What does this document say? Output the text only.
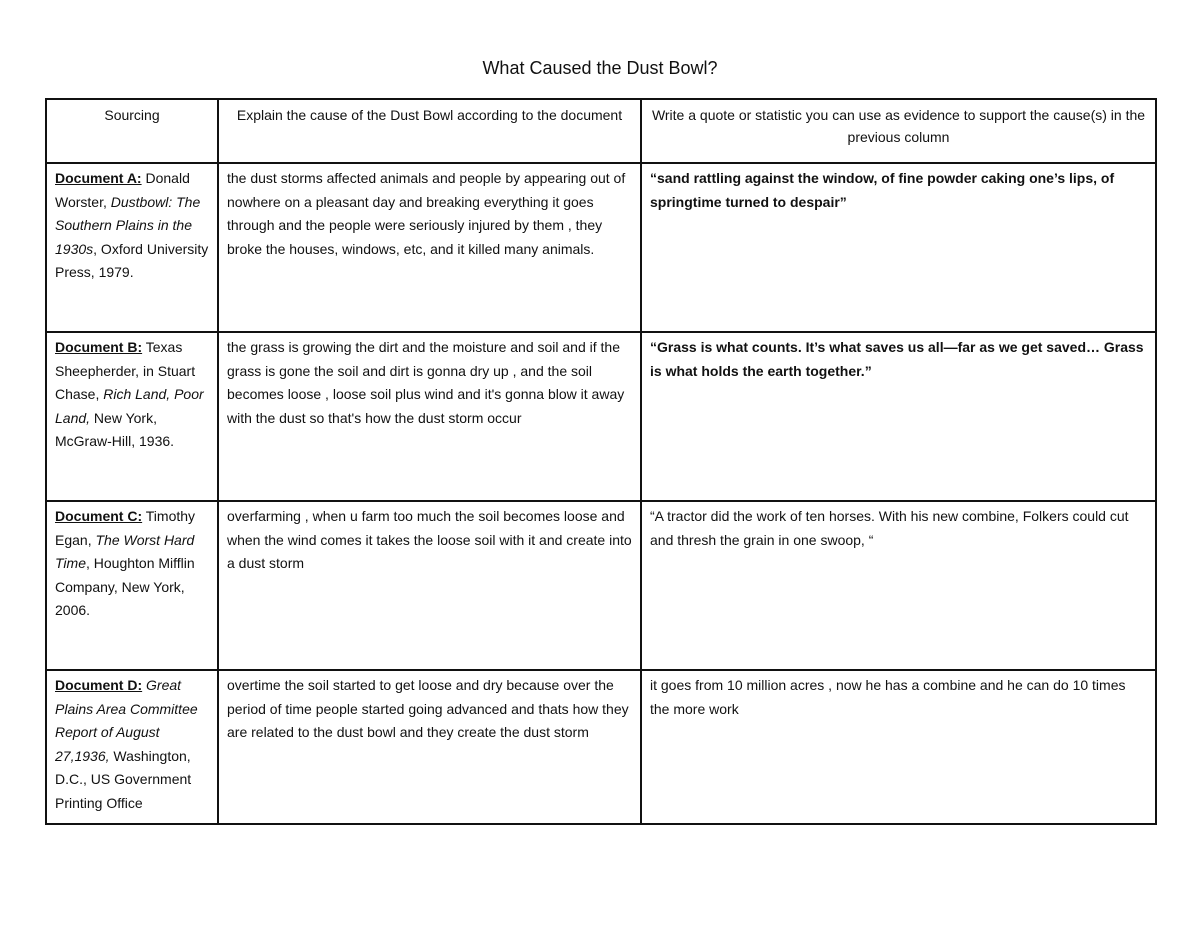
What Caused the Dust Bowl?
Sourcing	Explain the cause of the Dust Bowl according to the document	Write a quote or statistic you can use as evidence to support the cause(s) in the previous column
Document A: Donald Worster, Dustbowl: The Southern Plains in the 1930s, Oxford University Press, 1979.	the dust storms affected animals and people by appearing out of nowhere on a pleasant day and breaking everything it goes through and the people were seriously injured by them , they broke the houses, windows, etc, and it killed many animals.	“sand rattling against the window, of fine powder caking one’s lips, of springtime turned to despair”
Document B: Texas Sheepherder, in Stuart Chase, Rich Land, Poor Land, New York, McGraw-Hill, 1936.	the grass is growing the dirt and the moisture and soil and if the grass is gone the soil and dirt is gonna dry up , and the soil becomes loose , loose soil plus wind and it's gonna blow it away with the dust so that's how the dust storm occur	“Grass is what counts. It’s what saves us all—far as we get saved… Grass is what holds the earth together.”
Document C: Timothy Egan, The Worst Hard Time, Houghton Mifflin Company, New York, 2006.	overfarming , when u farm too much the soil becomes loose and when the wind comes it takes the loose soil with it and create into a dust storm	“A tractor did the work of ten horses. With his new combine, Folkers could cut and thresh the grain in one swoop, “
Document D: Great Plains Area Committee Report of August 27,1936, Washington, D.C., US Government Printing Office	overtime the soil started to get loose and dry because over the period of time people started going advanced and thats how they are related to the dust bowl and they create the dust storm	it goes from 10 million acres , now he has a combine and he can do 10 times the more work
